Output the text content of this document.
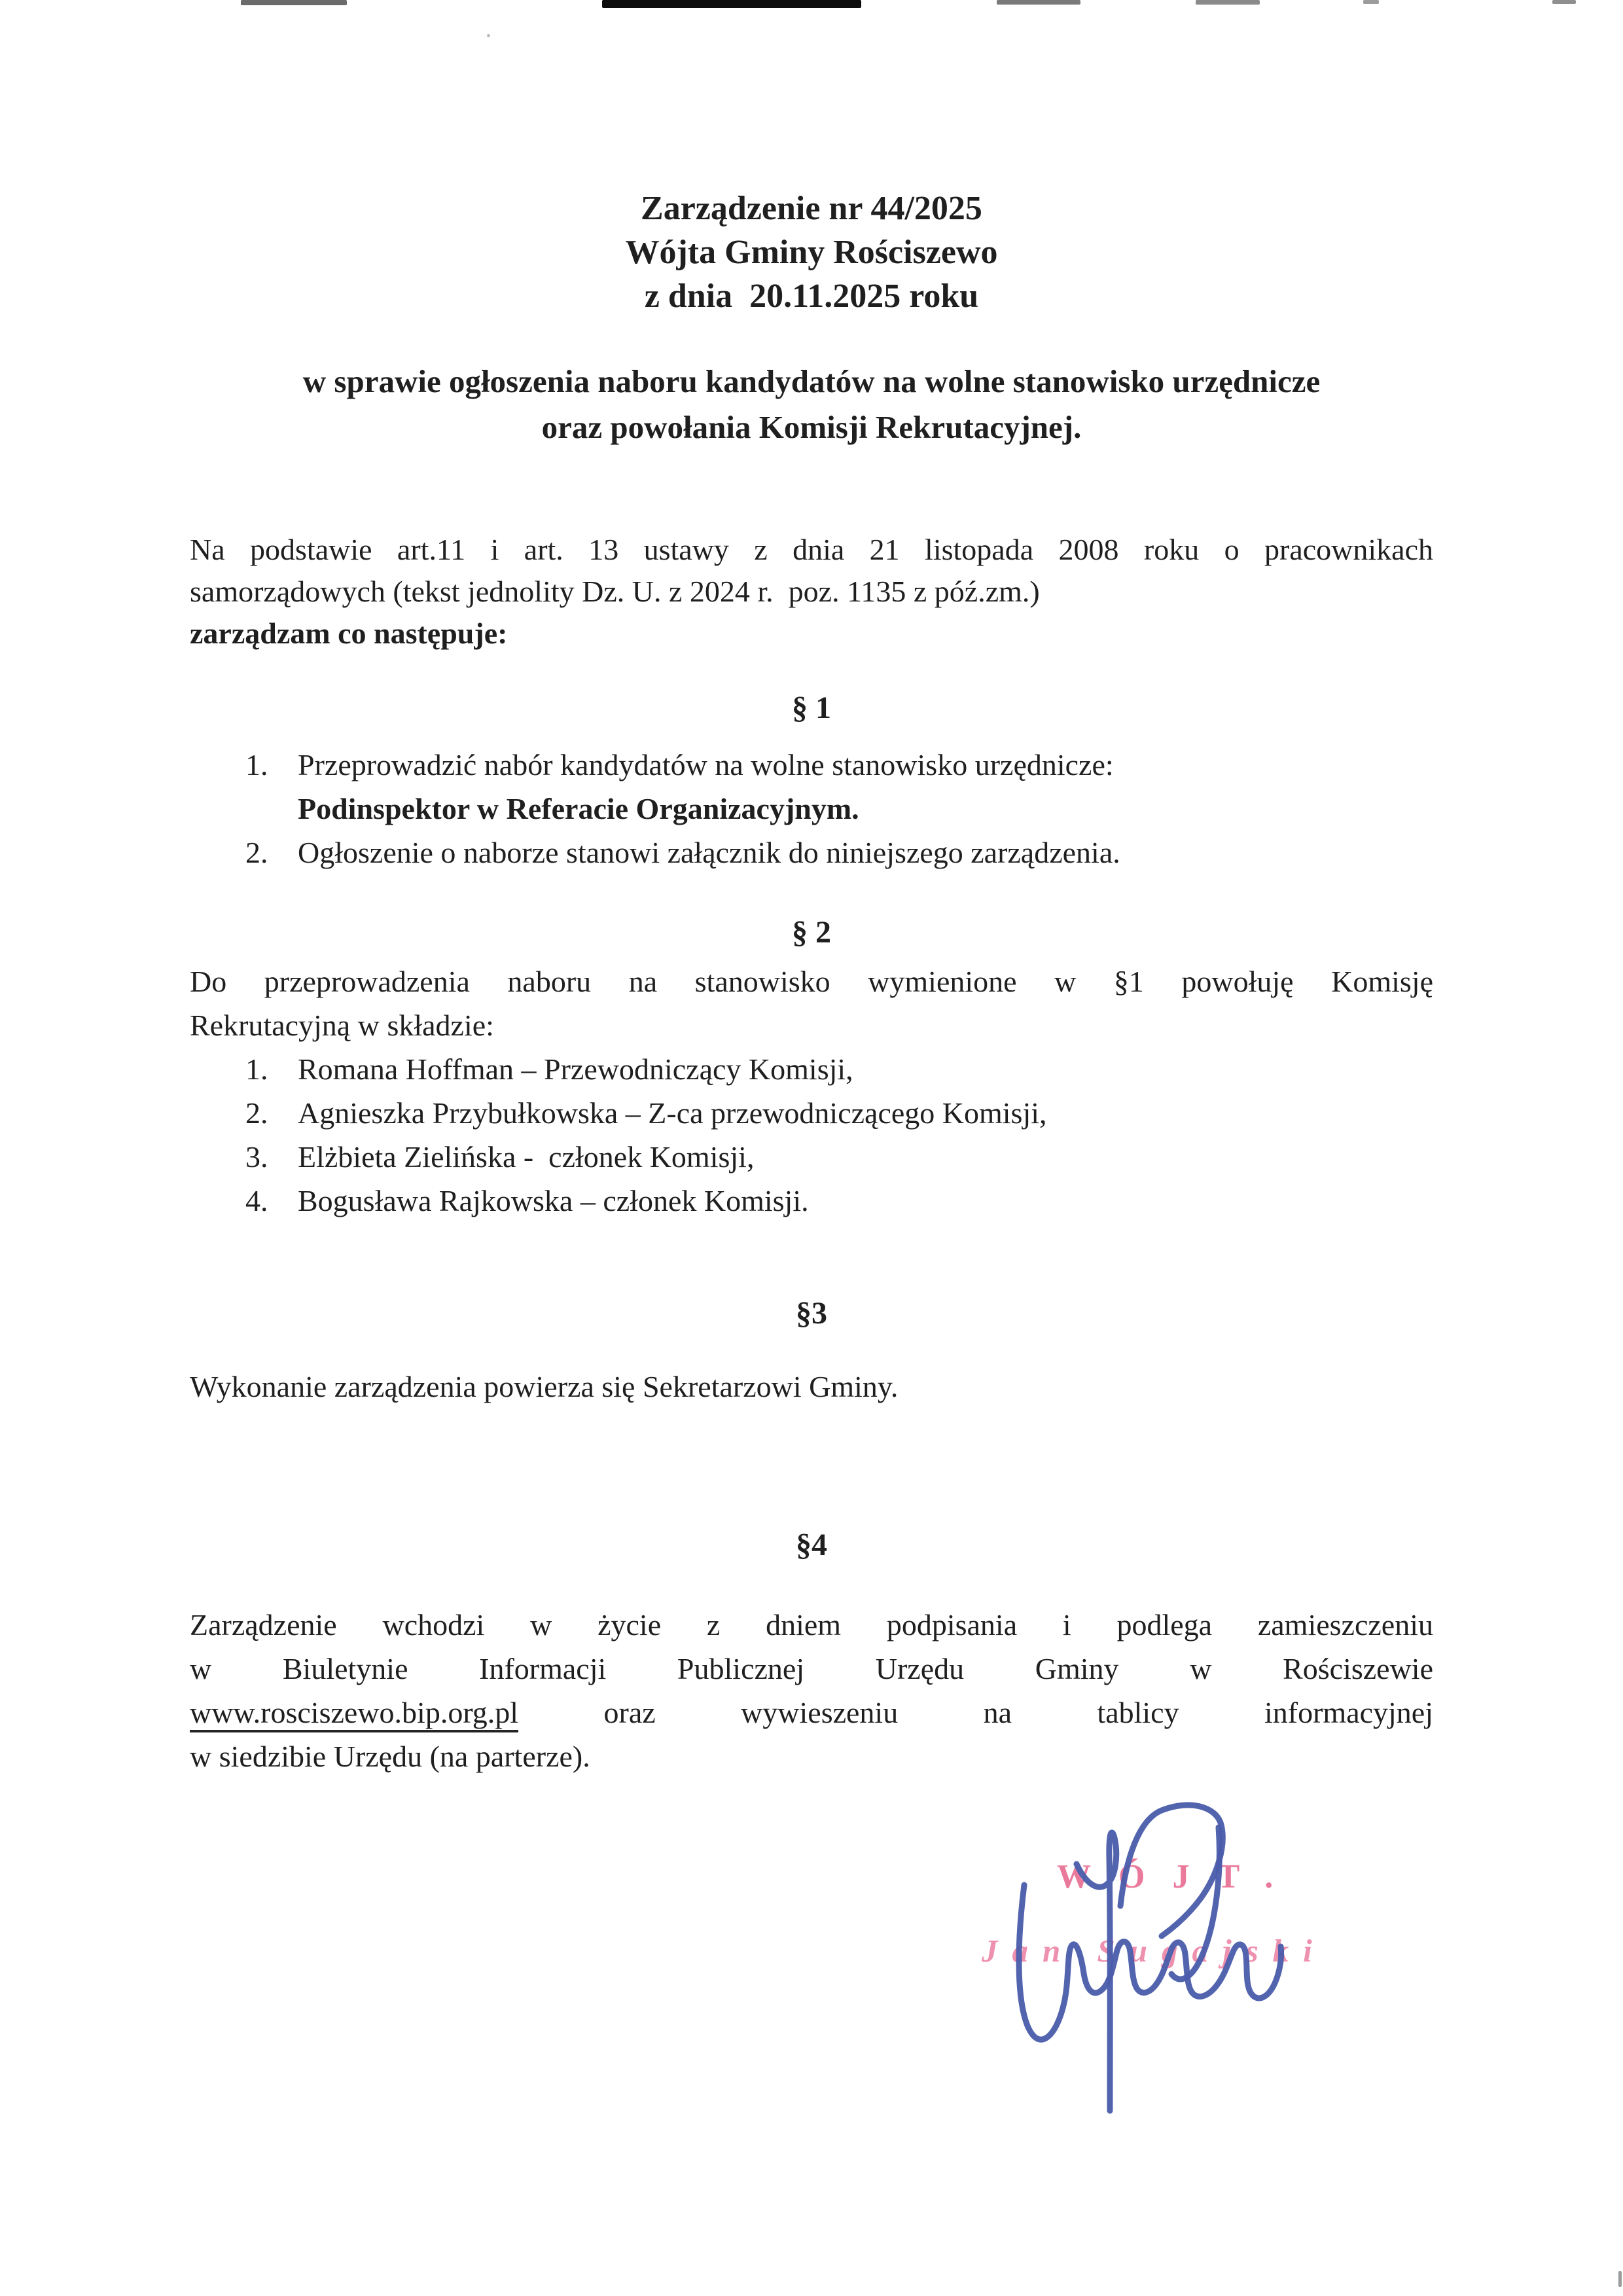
Zarządzenie nr 44/2025
Wójta Gminy Rościszewo
z dnia  20.11.2025 roku
w sprawie ogłoszenia naboru kandydatów na wolne stanowisko urzędnicze
oraz powołania Komisji Rekrutacyjnej.
Na podstawie art.11 i art. 13 ustawy z dnia 21 listopada 2008 roku o pracownikach
samorządowych (tekst jednolity Dz. U. z 2024 r.  poz. 1135 z póź.zm.)
zarządzam co następuje:
§ 1
1. Przeprowadzić nabór kandydatów na wolne stanowisko urzędnicze:
Podinspektor w Referacie Organizacyjnym.
2. Ogłoszenie o naborze stanowi załącznik do niniejszego zarządzenia.
§ 2
Do przeprowadzenia naboru na stanowisko wymienione w §1 powołuję Komisję
Rekrutacyjną w składzie:
1. Romana Hoffman – Przewodniczący Komisji,
2. Agnieszka Przybułkowska – Z-ca przewodniczącego Komisji,
3. Elżbieta Zielińska -  członek Komisji,
4. Bogusława Rajkowska – członek Komisji.
§3
Wykonanie zarządzenia powierza się Sekretarzowi Gminy.
§4
Zarządzenie wchodzi w życie z dniem podpisania i podlega zamieszczeniu
w Biuletynie Informacji Publicznej Urzędu Gminy w Rościszewie
www.rosciszewo.bip.org.pl	oraz wywieszeniu na tablicy informacyjnej
w siedzibie Urzędu (na parterze).
WÓJT.
Jan Sugajski
